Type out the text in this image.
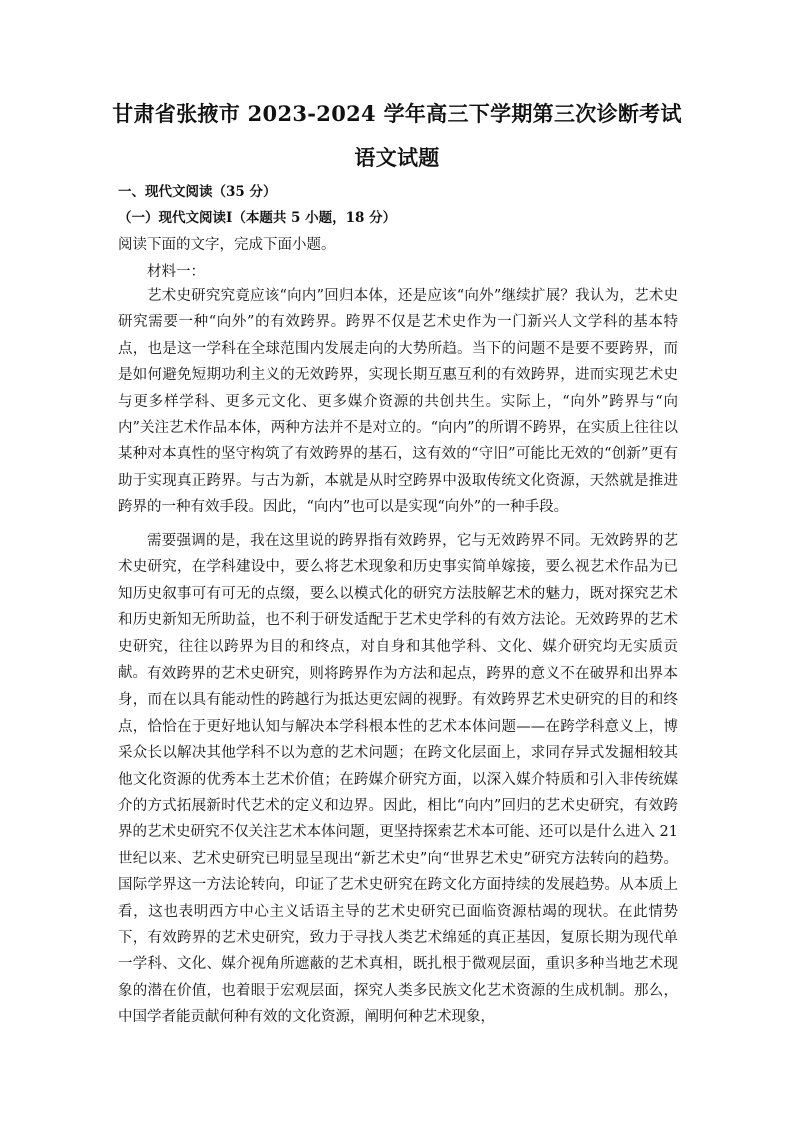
甘肃省张掖市 2023-2024 学年高三下学期第三次诊断考试
语文试题
一、现代文阅读（35 分）
（一）现代文阅读Ⅰ（本题共 5 小题，18 分）
阅读下面的文字，完成下面小题。
材料一：

艺术史研究究竟应该“向内”回归本体，还是应该“向外”继续扩展？我认为，艺术史研究需要一种“向外”的有效跨界。跨界不仅是艺术史作为一门新兴人文学科的基本特点，也是这一学科在全球范围内发展走向的大势所趋。当下的问题不是要不要跨界，而是如何避免短期功利主义的无效跨界，实现长期互惠互利的有效跨界，进而实现艺术史与更多样学科、更多元文化、更多媒介资源的共创共生。实际上，“向外”跨界与“向内”关注艺术作品本体，两种方法并不是对立的。“向内”的所谓不跨界，在实质上往往以某种对本真性的坚守构筑了有效跨界的基石，这有效的“守旧”可能比无效的“创新”更有助于实现真正跨界。与古为新，本就是从时空跨界中汲取传统文化资源，天然就是推进跨界的一种有效手段。因此，“向内”也可以是实现“向外”的一种手段。

需要强调的是，我在这里说的跨界指有效跨界，它与无效跨界不同。无效跨界的艺术史研究，在学科建设中，要么将艺术现象和历史事实简单嫁接，要么视艺术作品为已知历史叙事可有可无的点缀，要么以模式化的研究方法肢解艺术的魅力，既对探究艺术和历史新知无所助益，也不利于研发适配于艺术史学科的有效方法论。无效跨界的艺术史研究，往往以跨界为目的和终点，对自身和其他学科、文化、媒介研究均无实质贡献。 有效跨界的艺术史研究，则将跨界作为方法和起点，跨界的意义不在破界和出界本身，而在以具有能动性的跨越行为抵达更宏阔的视野。有效跨界艺术史研究的目的和终点，恰恰在于更好地认知与解决本学科根本性的艺术本体问题——在跨学科意义上，博采众长以解决其他学科不以为意的艺术问题；在跨文化层面上，求同存异式发掘相较其他文化资源的优秀本土艺术价值；在跨媒介研究方面，以深入媒介特质和引入非传统媒介的方式拓展新时代艺术的定义和边界。因此，相比“向内”回归的艺术史研究，有效跨界的艺术史研究不仅关注艺术本体问题，更坚持探索艺术本可能、还可以是什么进入 21 世纪以来、艺术史研究已明显呈现出“新艺术史”向“世界艺术史”研究方法转向的趋势。国际学界这一方法论转向，印证了艺术史研究在跨文化方面持续的发展趋势。从本质上看，这也表明西方中心主义话语主导的艺术史研究已面临资源枯竭的现状。在此情势下，有效跨界的艺术史研究，致力于寻找人类艺术绵延的真正基因，复原长期为现代单一学科、文化、媒介视角所遮蔽的艺术真相，既扎根于微观层面，重识多种当地艺术现象的潜在价值，也着眼于宏观层面，探究人类多民族文化艺术资源的生成机制。那么，中国学者能贡献何种有效的文化资源，阐明何种艺术现象，
